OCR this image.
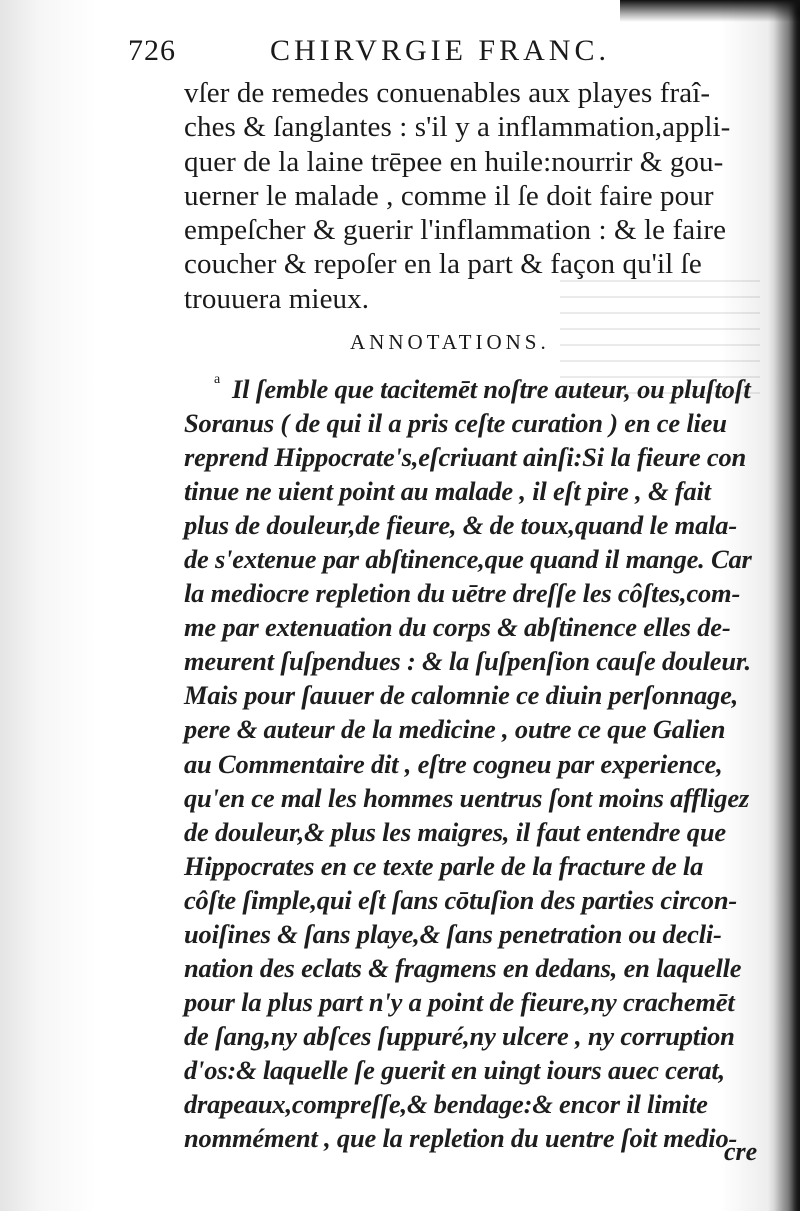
726	CHIRVRGIE FRANC.
vſer de remedes conuenables aux playes fraî-
ches & ſanglantes : s'il y a inflammation,appli-
quer de la laine trēpee en huile:nourrir & gou-
uerner le malade , comme il ſe doit faire pour
empeſcher & guerir l'inflammation : & le faire
coucher & repoſer en la part & façon qu'il ſe
trouuera mieux.
ANNOTATIONS.
a Il ſemble que tacitemēt noſtre auteur, ou pluſtoſt
Soranus ( de qui il a pris ceſte curation ) en ce lieu
reprend Hippocrate's,eſcriuant ainſi:Si la fieure con
tinue ne uient point au malade , il eſt pire , & fait
plus de douleur,de fieure, & de toux,quand le mala-
de s'extenue par abſtinence,que quand il mange. Car
la mediocre repletion du uētre dreſſe les côſtes,com-
me par extenuation du corps & abſtinence elles de-
meurent ſuſpendues : & la ſuſpenſion cauſe douleur.
Mais pour ſauuer de calomnie ce diuin perſonnage,
pere & auteur de la medicine , outre ce que Galien
au Commentaire dit , eſtre cogneu par experience,
qu'en ce mal les hommes uentrus ſont moins affligez
de douleur,& plus les maigres, il faut entendre que
Hippocrates en ce texte parle de la fracture de la
côſte ſimple,qui eſt ſans cōtuſion des parties circon-
uoiſines & ſans playe,& ſans penetration ou decli-
nation des eclats & fragmens en dedans, en laquelle
pour la plus part n'y a point de fieure,ny crachemēt
de ſang,ny abſces ſuppuré,ny ulcere , ny corruption
d'os:& laquelle ſe guerit en uingt iours auec cerat,
drapeaux,compreſſe,& bendage:& encor il limite
nommément , que la repletion du uentre ſoit medio-
cre
